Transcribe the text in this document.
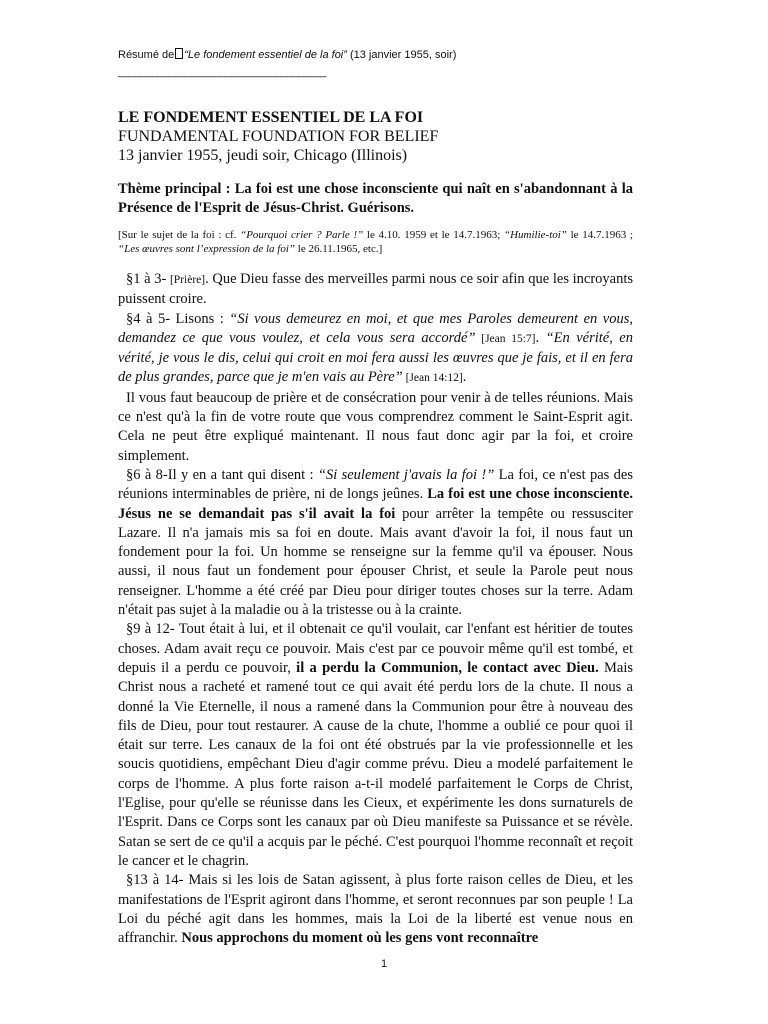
Résumé de “Le fondement essentiel de la foi” (13 janvier 1955, soir)
_____________________________________
LE FONDEMENT ESSENTIEL DE LA FOI
FUNDAMENTAL FOUNDATION FOR BELIEF
13 janvier 1955, jeudi soir, Chicago (Illinois)
Thème principal : La foi est une chose inconsciente qui naît en s'abandonnant à la Présence de l'Esprit de Jésus-Christ. Guérisons.
[Sur le sujet de la foi : cf. “Pourquoi crier ? Parle !” le 4.10. 1959 et le 14.7.1963; “Humilie-toi” le 14.7.1963 ; “Les œuvres sont l’expression de la foi” le 26.11.1965, etc.]

§1 à 3- [Prière]. Que Dieu fasse des merveilles parmi nous ce soir afin que les incroyants puissent croire.

§4 à 5- Lisons : “Si vous demeurez en moi, et que mes Paroles demeurent en vous, demandez ce que vous voulez, et cela vous sera accordé” [Jean 15:7]. “En vérité, en vérité, je vous le dis, celui qui croit en moi fera aussi les œuvres que je fais, et il en fera de plus grandes, parce que je m'en vais au Père” [Jean 14:12].

Il vous faut beaucoup de prière et de consécration pour venir à de telles réunions. Mais ce n'est qu'à la fin de votre route que vous comprendrez comment le Saint-Esprit agit. Cela ne peut être expliqué maintenant. Il nous faut donc agir par la foi, et croire simplement.

§6 à 8-Il y en a tant qui disent : “Si seulement j'avais la foi !” La foi, ce n'est pas des réunions interminables de prière, ni de longs jeûnes. La foi est une chose inconsciente. Jésus ne se demandait pas s'il avait la foi pour arrêter la tempête ou ressusciter Lazare. Il n'a jamais mis sa foi en doute. Mais avant d'avoir la foi, il nous faut un fondement pour la foi. Un homme se renseigne sur la femme qu'il va épouser. Nous aussi, il nous faut un fondement pour épouser Christ, et seule la Parole peut nous renseigner. L'homme a été créé par Dieu pour diriger toutes choses sur la terre. Adam n'était pas sujet à la maladie ou à la tristesse ou à la crainte.

§9 à 12- Tout était à lui, et il obtenait ce qu'il voulait, car l'enfant est héritier de toutes choses. Adam avait reçu ce pouvoir. Mais c'est par ce pouvoir même qu'il est tombé, et depuis il a perdu ce pouvoir, il a perdu la Communion, le contact avec Dieu. Mais Christ nous a racheté et ramené tout ce qui avait été perdu lors de la chute. Il nous a donné la Vie Eternelle, il nous a ramené dans la Communion pour être à nouveau des fils de Dieu, pour tout restaurer. A cause de la chute, l'homme a oublié ce pour quoi il était sur terre. Les canaux de la foi ont été obstrués par la vie professionnelle et les soucis quotidiens, empêchant Dieu d'agir comme prévu. Dieu a modelé parfaitement le corps de l'homme. A plus forte raison a-t-il modelé parfaitement le Corps de Christ, l'Eglise, pour qu'elle se réunisse dans les Cieux, et expérimente les dons surnaturels de l'Esprit. Dans ce Corps sont les canaux par où Dieu manifeste sa Puissance et se révèle. Satan se sert de ce qu'il a acquis par le péché. C'est pourquoi l'homme reconnaît et reçoit le cancer et le chagrin.

§13 à 14- Mais si les lois de Satan agissent, à plus forte raison celles de Dieu, et les manifestations de l'Esprit agiront dans l'homme, et seront reconnues par son peuple ! La Loi du péché agit dans les hommes, mais la Loi de la liberté est venue nous en affranchir. Nous approchons du moment où les gens vont reconnaître

1
